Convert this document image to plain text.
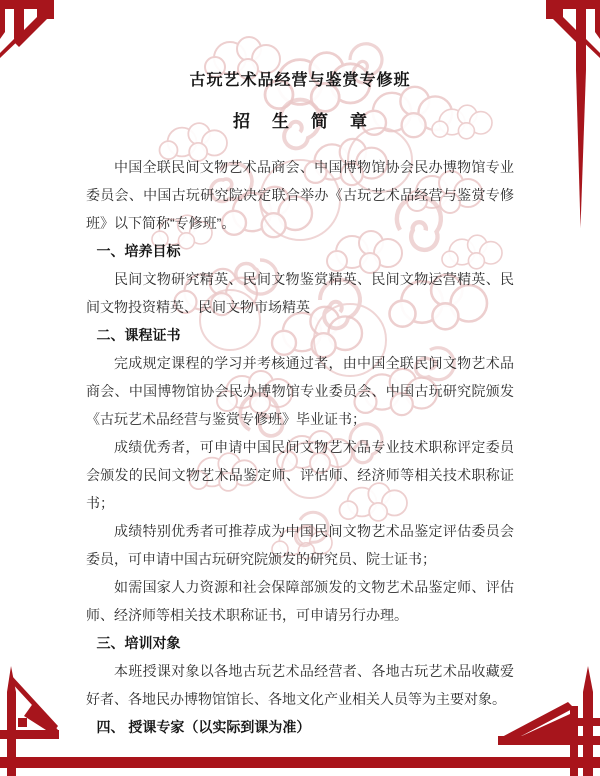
古玩艺术品经营与鉴赏专修班
招生简章

中国全联民间文物艺术品商会、中国博物馆协会民办博物馆专业委员会、中国古玩研究院决定联合举办《古玩艺术品经营与鉴赏专修班》以下简称“专修班”。

一、培养目标

民间文物研究精英、民间文物鉴赏精英、民间文物运营精英、民间文物投资精英、民间文物市场精英

二、课程证书

完成规定课程的学习并考核通过者，由中国全联民间文物艺术品商会、中国博物馆协会民办博物馆专业委员会、中国古玩研究院颁发《古玩艺术品经营与鉴赏专修班》毕业证书；

成绩优秀者，可申请中国民间文物艺术品专业技术职称评定委员会颁发的民间文物艺术品鉴定师、评估师、经济师等相关技术职称证书；

成绩特别优秀者可推荐成为中国民间文物艺术品鉴定评估委员会委员，可申请中国古玩研究院颁发的研究员、院士证书；

如需国家人力资源和社会保障部颁发的文物艺术品鉴定师、评估师、经济师等相关技术职称证书，可申请另行办理。

三、培训对象

本班授课对象以各地古玩艺术品经营者、各地古玩艺术品收藏爱好者、各地民办博物馆馆长、各地文化产业相关人员等为主要对象。

四、 授课专家（以实际到课为准）
